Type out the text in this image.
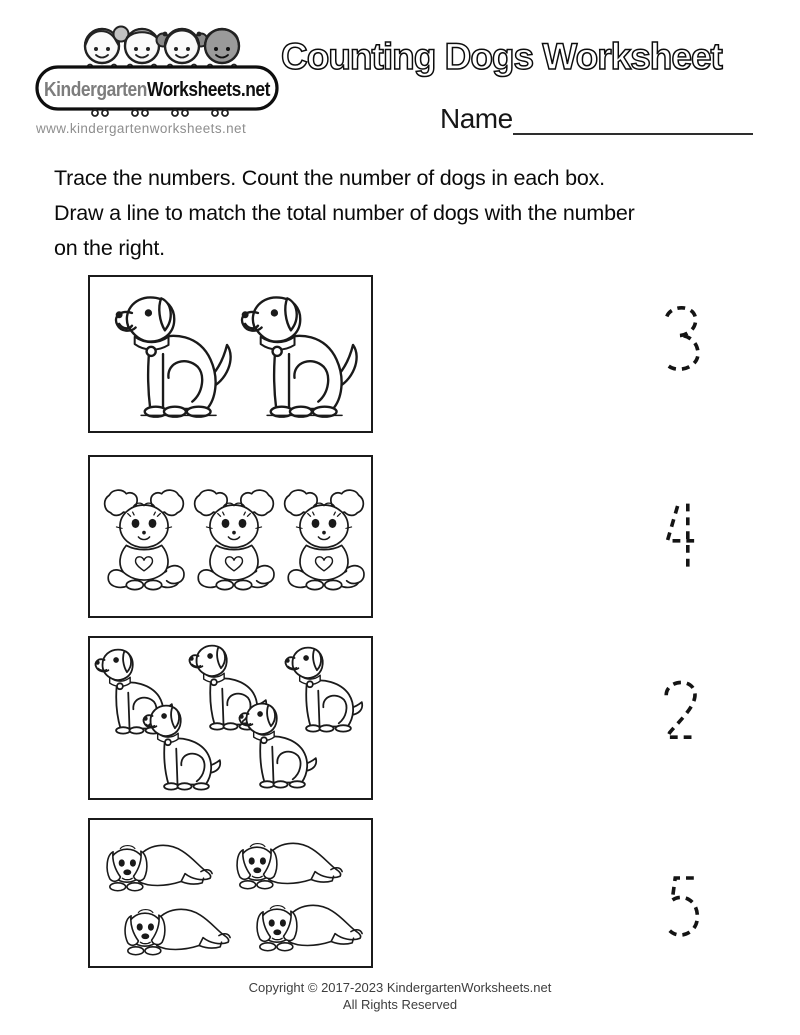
KindergartenWorksheets.net
www.kindergartenworksheets.net
Counting Dogs Worksheet
Name
Trace the numbers. Count the number of dogs in each box.
Draw a line to match the total number of dogs with the number
on the right.
Copyright © 2017-2023 KindergartenWorksheets.net
All Rights Reserved
